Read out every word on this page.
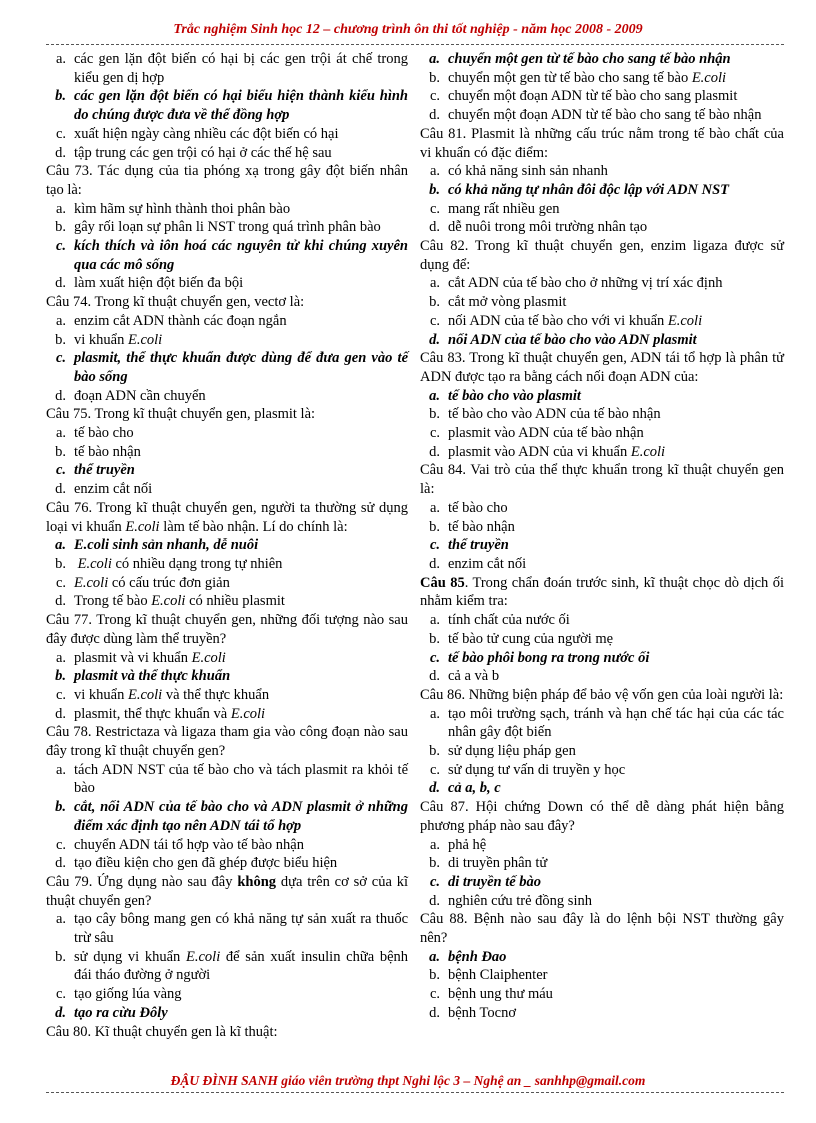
Trắc nghiệm Sinh học 12 – chương trình ôn thi tốt nghiệp - năm học 2008 - 2009
a. các gen lặn đột biến có hại bị các gen trội át chế trong kiểu gen dị hợp
b. các gen lặn đột biến có hại biểu hiện thành kiểu hình do chúng được đưa về thể đồng hợp
c. xuất hiện ngày càng nhiều các đột biến có hại
d. tập trung các gen trội có hại ở các thế hệ sau
Câu 73. Tác dụng của tia phóng xạ trong gây đột biến nhân tạo là:
a. kìm hãm sự hình thành thoi phân bào
b. gây rối loạn sự phân li NST trong quá trình phân bào
c. kích thích và iôn hoá các nguyên tử khi chúng xuyên qua các mô sống
d. làm xuất hiện đột biến đa bội
Câu 74. Trong kĩ thuật chuyển gen, vectơ là:
a. enzim cắt ADN thành các đoạn ngắn
b. vi khuẩn E.coli
c. plasmit, thể thực khuẩn được dùng để đưa gen vào tế bào sống
d. đoạn ADN cần chuyển
Câu 75. Trong kĩ thuật chuyển gen, plasmit là:
a. tế bào cho
b. tế bào nhận
c. thể truyền
d. enzim cắt nối
Câu 76. Trong kĩ thuật chuyển gen, người ta thường sử dụng loại vi khuẩn E.coli làm tế bào nhận. Lí do chính là:
a. E.coli sinh sản nhanh, dễ nuôi
b. E.coli có nhiều dạng trong tự nhiên
c. E.coli có cấu trúc đơn giản
d. Trong tế bào E.coli có nhiều plasmit
Câu 77. Trong kĩ thuật chuyển gen, những đối tượng nào sau đây được dùng làm thể truyền?
a. plasmit và vi khuẩn E.coli
b. plasmit và thể thực khuẩn
c. vi khuẩn E.coli và thể thực khuẩn
d. plasmit, thể thực khuẩn và E.coli
Câu 78. Restrictaza và ligaza tham gia vào công đoạn nào sau đây trong kĩ thuật chuyển gen?
a. tách ADN NST của tế bào cho và tách plasmit ra khỏi tế bào
b. cắt, nối ADN của tế bào cho và ADN plasmit ở những điểm xác định tạo nên ADN tái tổ hợp
c. chuyển ADN tái tổ hợp vào tế bào nhận
d. tạo điều kiện cho gen đã ghép được biểu hiện
Câu 79. Ứng dụng nào sau đây không dựa trên cơ sở của kĩ thuật chuyển gen?
a. tạo cây bông mang gen có khả năng tự sản xuất ra thuốc trừ sâu
b. sử dụng vi khuẩn E.coli để sản xuất insulin chữa bệnh đái tháo đường ở người
c. tạo giống lúa vàng
d. tạo ra cừu Đôly
Câu 80. Kĩ thuật chuyển gen là kĩ thuật:
a. chuyển một gen từ tế bào cho sang tế bào nhận
b. chuyển một gen từ tế bào cho sang tế bào E.coli
c. chuyển một đoạn ADN từ tế bào cho sang plasmit
d. chuyển một đoạn ADN từ tế bào cho sang tế bào nhận
Câu 81. Plasmit là những cấu trúc nằm trong tế bào chất của vi khuẩn có đặc điểm:
a. có khả năng sinh sản nhanh
b. có khả năng tự nhân đôi độc lập với ADN NST
c. mang rất nhiều gen
d. dễ nuôi trong môi trường nhân tạo
Câu 82. Trong kĩ thuật chuyển gen, enzim ligaza được sử dụng để:
a. cắt ADN của tế bào cho ở những vị trí xác định
b. cắt mở vòng plasmit
c. nối ADN của tế bào cho với vi khuẩn E.coli
d. nối ADN của tế bào cho vào ADN plasmit
Câu 83. Trong kĩ thuật chuyển gen, ADN tái tổ hợp là phân tử ADN được tạo ra bằng cách nối đoạn ADN của:
a. tế bào cho vào plasmit
b. tế bào cho vào ADN của tế bào nhận
c. plasmit vào ADN của tế bào nhận
d. plasmit vào ADN của vi khuẩn E.coli
Câu 84. Vai trò của thể thực khuẩn trong kĩ thuật chuyển gen là:
a. tế bào cho
b. tế bào nhận
c. thể truyền
d. enzim cắt nối
Câu 85. Trong chẩn đoán trước sinh, kĩ thuật chọc dò dịch ối nhằm kiểm tra:
a. tính chất của nước ối
b. tế bào tử cung của người mẹ
c. tế bào phôi bong ra trong nước ối
d. cả a và b
Câu 86. Những biện pháp để bảo vệ vốn gen của loài người là:
a. tạo môi trường sạch, tránh và hạn chế tác hại của các tác nhân gây đột biến
b. sử dụng liệu pháp gen
c. sử dụng tư vấn di truyền y học
d. cả a, b, c
Câu 87. Hội chứng Down có thể dễ dàng phát hiện bằng phương pháp nào sau đây?
a. phả hệ
b. di truyền phân tử
c. di truyền tế bào
d. nghiên cứu trẻ đồng sinh
Câu 88. Bệnh nào sau đây là do lệnh bội NST thường gây nên?
a. bệnh Đao
b. bệnh Claiphenter
c. bệnh ung thư máu
d. bệnh Tocnơ
ĐẬU ĐÌNH SANH giáo viên trường thpt Nghi lộc 3 – Nghệ an _ sanhhp@gmail.com
